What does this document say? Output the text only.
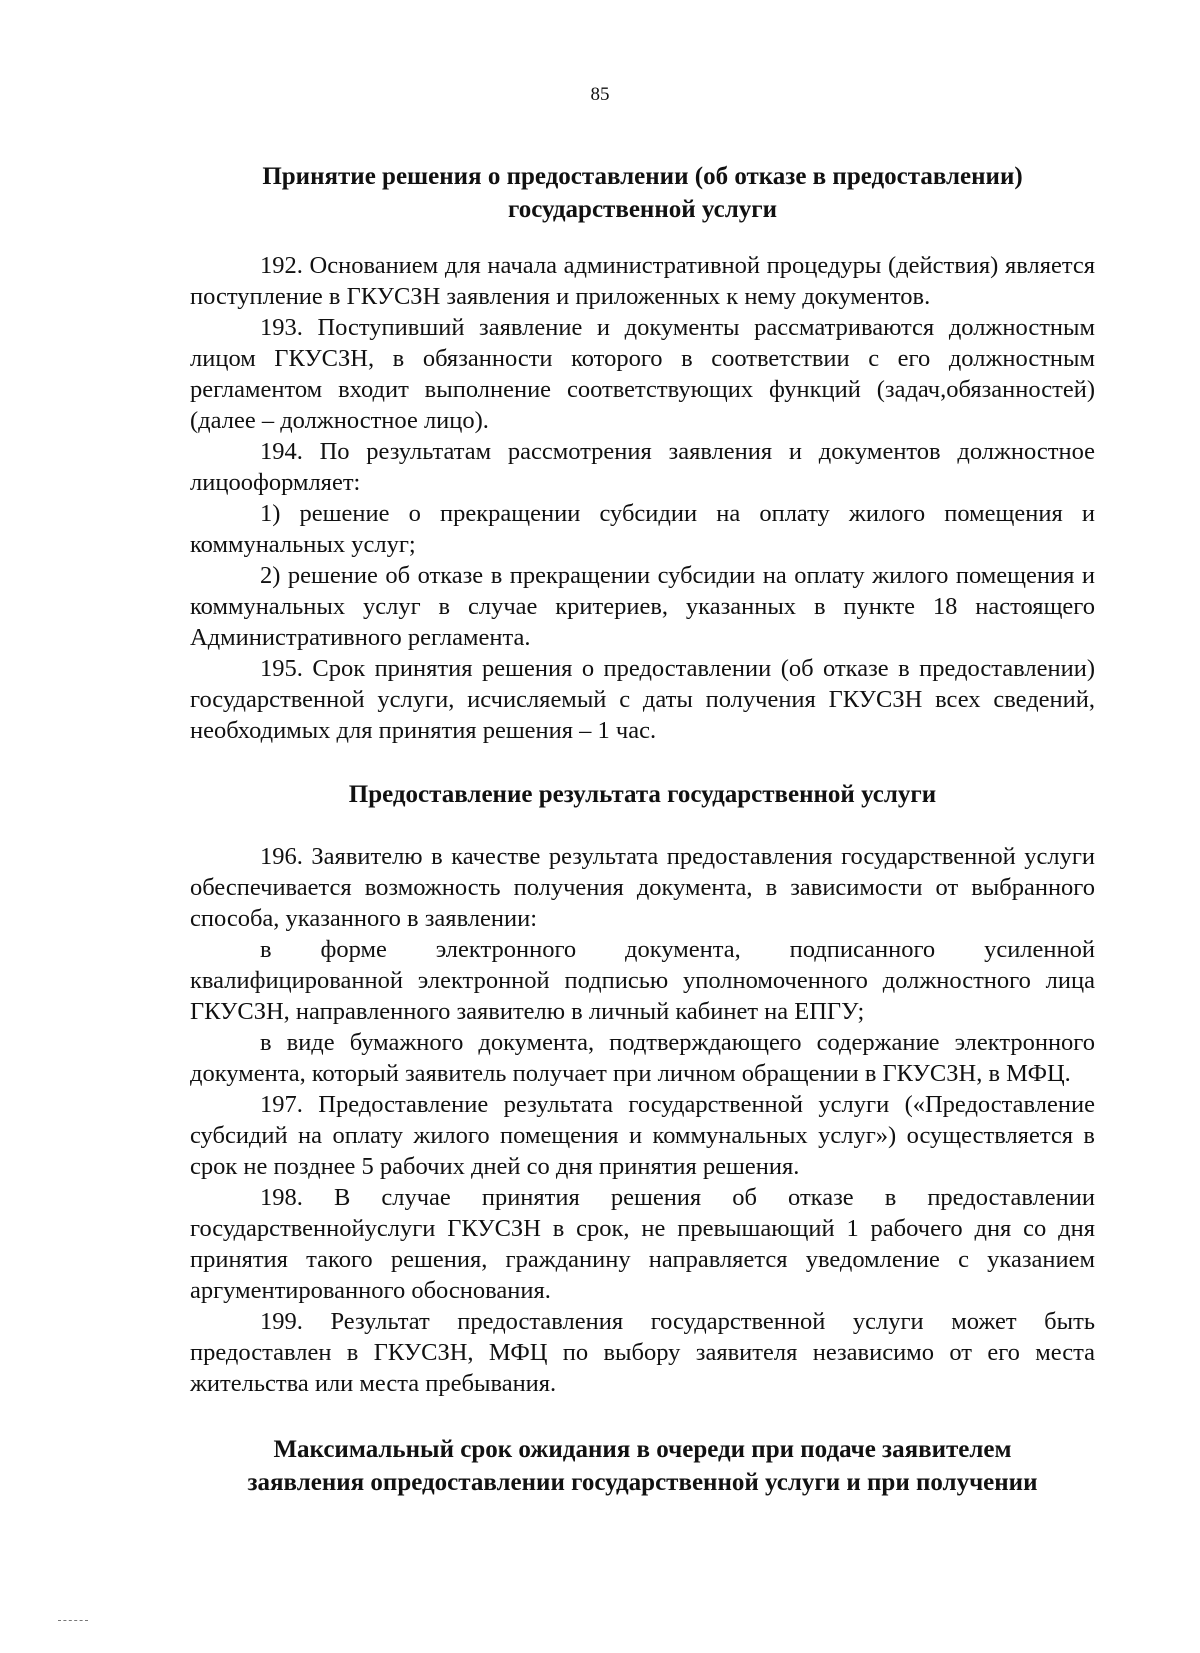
85
Принятие решения о предоставлении (об отказе в предоставлении)
государственной услуги

192. Основанием для начала административной процедуры (действия) является поступление в ГКУСЗН заявления и приложенных к нему документов.

193. Поступивший заявление и документы рассматриваются должностным лицом ГКУСЗН, в обязанности которого в соответствии с его должностным регламентом входит выполнение соответствующих функций (задач,обязанностей) (далее – должностное лицо).

194. По результатам рассмотрения заявления и документов должностное лицооформляет:

1) решение о прекращении субсидии на оплату жилого помещения и коммунальных услуг;

2) решение об отказе в прекращении субсидии на оплату жилого помещения и коммунальных услуг в случае критериев, указанных в пункте 18 настоящего Административного регламента.

195. Срок принятия решения о предоставлении (об отказе в предоставлении) государственной услуги, исчисляемый с даты получения ГКУСЗН всех сведений, необходимых для принятия решения – 1 час.

Предоставление результата государственной услуги

196. Заявителю в качестве результата предоставления государственной услуги обеспечивается возможность получения документа, в зависимости от выбранного способа, указанного в заявлении:

в форме электронного документа, подписанного усиленной квалифицированной электронной подписью уполномоченного должностного лица ГКУСЗН, направленного заявителю в личный кабинет на ЕПГУ;

в виде бумажного документа, подтверждающего содержание электронного документа, который заявитель получает при личном обращении в ГКУСЗН, в МФЦ.

197. Предоставление результата государственной услуги («Предоставление субсидий на оплату жилого помещения и коммунальных услуг») осуществляется в срок не позднее 5 рабочих дней со дня принятия решения.

198. В случае принятия решения об отказе в предоставлении государственнойуслуги ГКУСЗН в срок, не превышающий 1 рабочего дня со дня принятия такого решения, гражданину направляется уведомление с указанием аргументированного обоснования.

199. Результат предоставления государственной услуги может быть предоставлен в ГКУСЗН, МФЦ по выбору заявителя независимо от его места жительства или места пребывания.

Максимальный срок ожидания в очереди при подаче заявителем
заявления опредоставлении государственной услуги и при получении
